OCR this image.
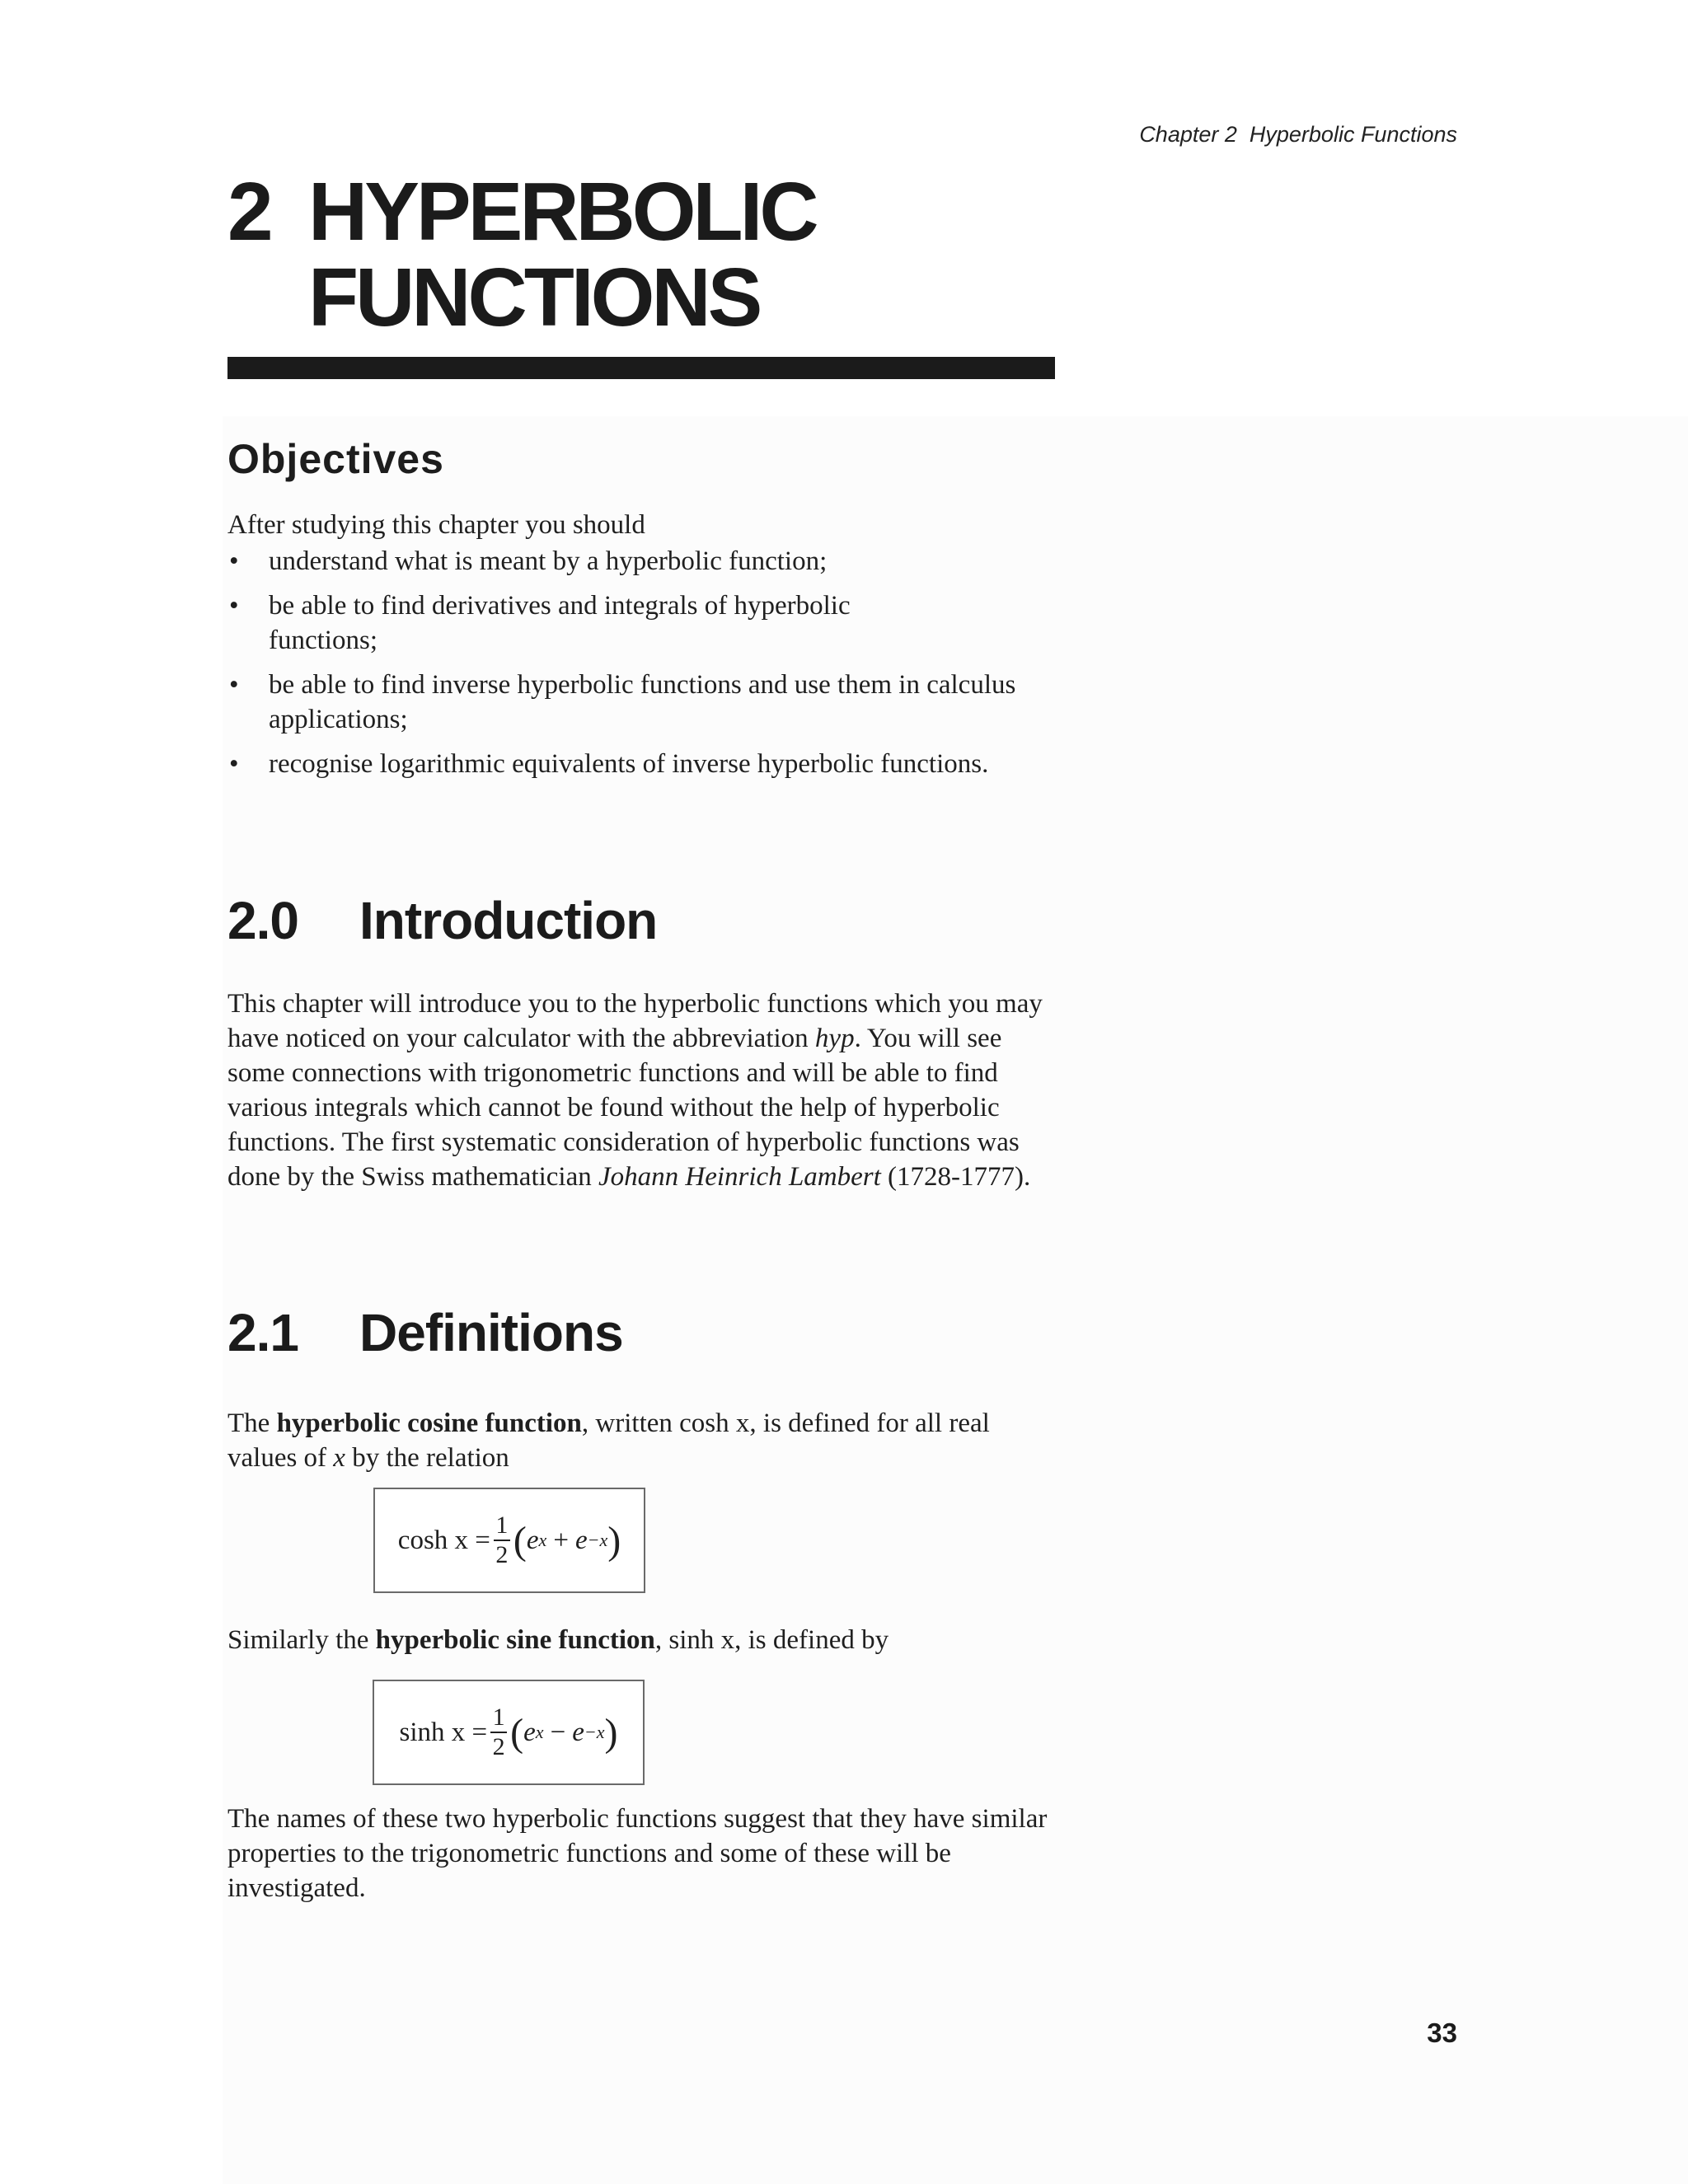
Chapter 2  Hyperbolic Functions
2 HYPERBOLIC
FUNCTIONS
Objectives
After studying this chapter you should
• understand what is meant by a hyperbolic function;
• be able to find derivatives and integrals of hyperbolic functions;
• be able to find inverse hyperbolic functions and use them in calculus applications;
• recognise logarithmic equivalents of inverse hyperbolic functions.
2.0 Introduction
This chapter will introduce you to the hyperbolic functions which you may have noticed on your calculator with the abbreviation hyp. You will see some connections with trigonometric functions and will be able to find various integrals which cannot be found without the help of hyperbolic functions. The first systematic consideration of hyperbolic functions was done by the Swiss mathematician Johann Heinrich Lambert (1728-1777).
2.1 Definitions
The hyperbolic cosine function, written cosh x, is defined for all real values of x by the relation
$\cosh x = \frac{1}{2}$ ( e x + e −x )
Similarly the hyperbolic sine function, sinh x, is defined by
$\sinh x = \frac{1}{2}$ ( e x − e −x )
The names of these two hyperbolic functions suggest that they have similar properties to the trigonometric functions and some of these will be investigated.
33
